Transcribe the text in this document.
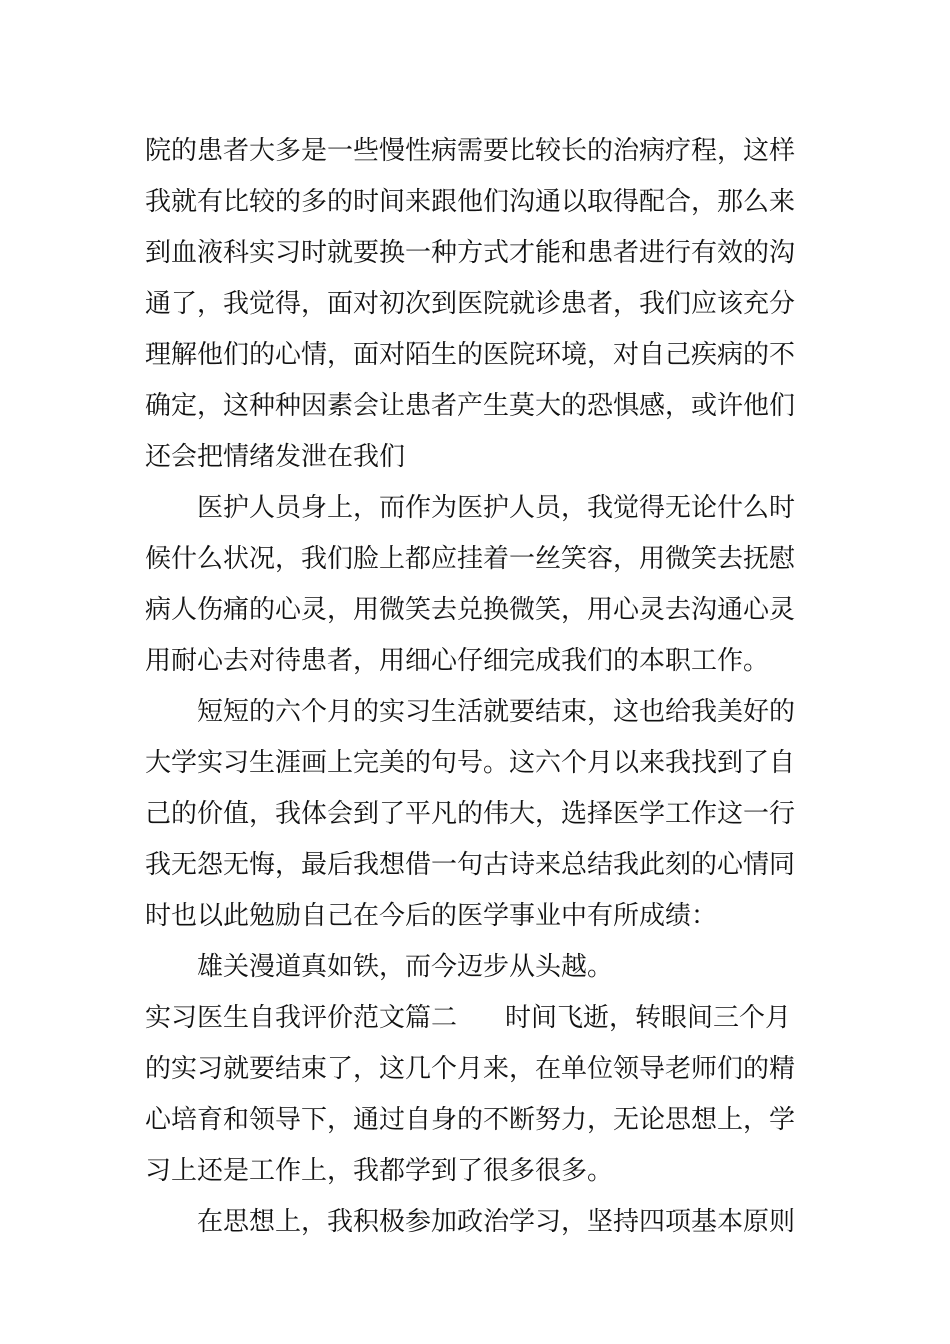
院的患者大多是一些慢性病需要比较长的治病疗程，这样
我就有比较的多的时间来跟他们沟通以取得配合，那么来
到血液科实习时就要换一种方式才能和患者进行有效的沟
通了，我觉得，面对初次到医院就诊患者，我们应该充分
理解他们的心情，面对陌生的医院环境，对自己疾病的不
确定，这种种因素会让患者产生莫大的恐惧感，或许他们
还会把情绪发泄在我们
医护人员身上，而作为医护人员，我觉得无论什么时
候什么状况，我们脸上都应挂着一丝笑容，用微笑去抚慰
病人伤痛的心灵，用微笑去兑换微笑，用心灵去沟通心灵
用耐心去对待患者，用细心仔细完成我们的本职工作。
短短的六个月的实习生活就要结束，这也给我美好的
大学实习生涯画上完美的句号。这六个月以来我找到了自
己的价值，我体会到了平凡的伟大，选择医学工作这一行
我无怨无悔，最后我想借一句古诗来总结我此刻的心情同
时也以此勉励自己在今后的医学事业中有所成绩：
雄关漫道真如铁，而今迈步从头越。
实习医生自我评价范文篇二 时间飞逝，转眼间三个月
的实习就要结束了，这几个月来，在单位领导老师们的精
心培育和领导下，通过自身的不断努力，无论思想上，学
习上还是工作上，我都学到了很多很多。
在思想上，我积极参加政治学习，坚持四项基本原则
